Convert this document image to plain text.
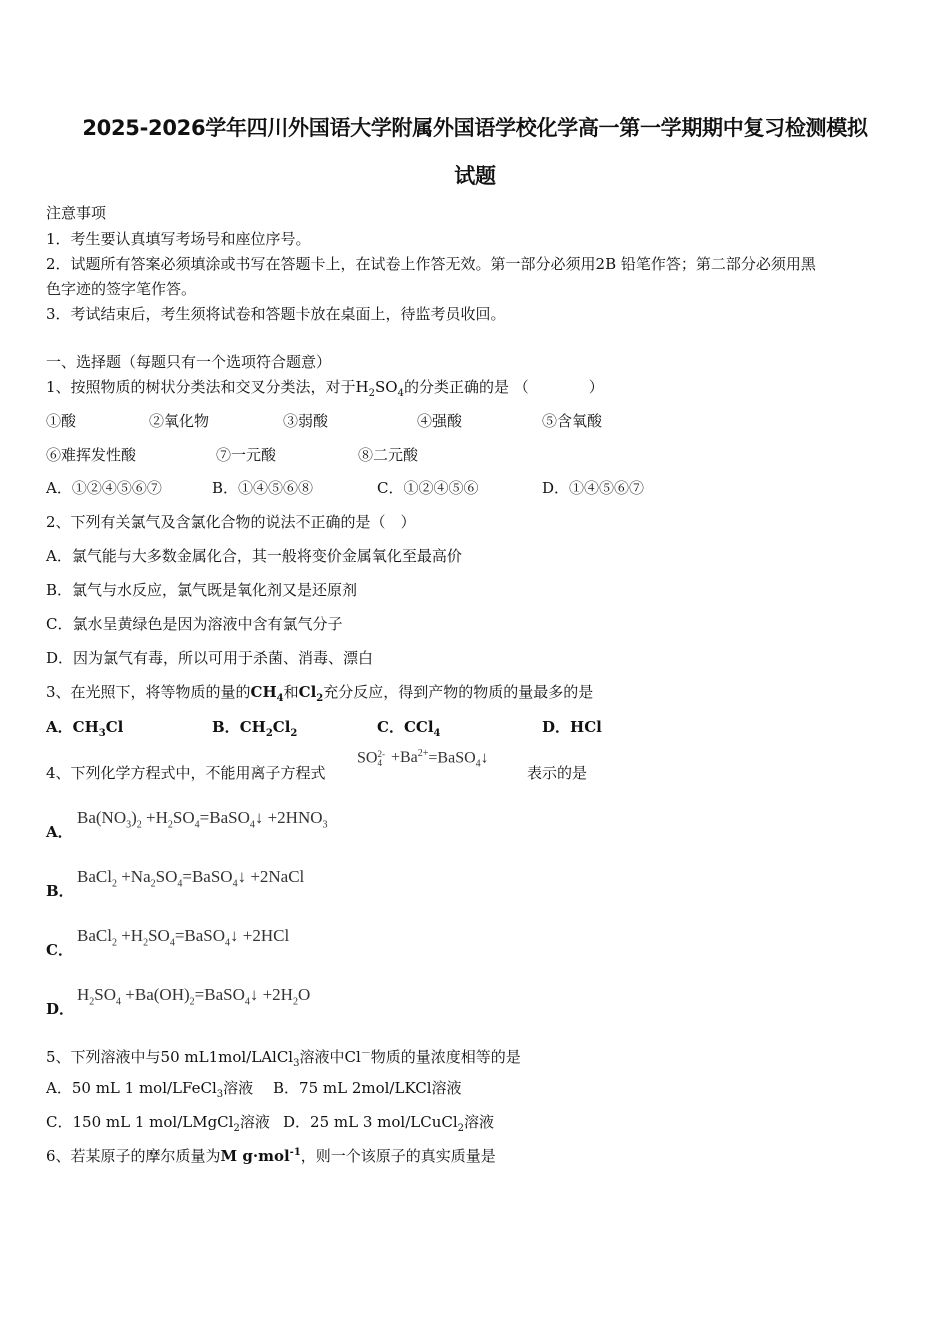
2025-2026学年四川外国语大学附属外国语学校化学高一第一学期期中复习检测模拟
试题
注意事项
1．考生要认真填写考场号和座位序号。
2．试题所有答案必须填涂或书写在答题卡上，在试卷上作答无效。第一部分必须用2B 铅笔作答；第二部分必须用黑
色字迹的签字笔作答。
3．考试结束后，考生须将试卷和答题卡放在桌面上，待监考员收回。
一、选择题（每题只有一个选项符合题意）
1、按照物质的树状分类法和交叉分类法，对于$H_2SO_4$的分类正确的是 （　　　　）
①酸	②氧化物	③弱酸	④强酸	⑤含氧酸
⑥难挥发性酸	⑦一元酸	⑧二元酸
A．①②④⑤⑥⑦	B．①④⑤⑥⑧	C．①②④⑤⑥	D．①④⑤⑥⑦
2、下列有关氯气及含氯化合物的说法不正确的是（　）
A．氯气能与大多数金属化合，其一般将变价金属氧化至最高价
B．氯气与水反应，氯气既是氧化剂又是还原剂
C．氯水呈黄绿色是因为溶液中含有氯气分子
D．因为氯气有毒，所以可用于杀菌、消毒、漂白
3、在光照下，将等物质的量的$CH_4$和$Cl_2$充分反应，得到产物的物质的量最多的是
A．$CH_3Cl$	B．$CH_2Cl_2$	C．CCl$_4$	D．HCl
4、下列化学方程式中，不能用离子方程式
SO 2-
$4 +Ba^{2+}=BaSO_4↓$
表示的是
A．
$Ba(NO_3)_2$ $+H_2SO_4=BaSO_4↓ +2HNO_3$
B．
BaCl$_2$ $+Na_2SO_4=BaSO_4↓$ +2NaCl
C．
BaCl$_2$ $+H_2SO_4=BaSO_4↓ +2HCl$
D．
$H_2SO_4$ $+Ba(OH)_2=BaSO_4↓ +2H_2O$
5、下列溶液中与50 mL1mol/LAlCl$_3$溶液中Cl－物质的量浓度相等的是
A．50 mL 1 mol/LFeCl$_3$溶液 B．75 mL 2mol/LKCl溶液
C．150 mL 1 mol/LMgCl$_2$溶液 D．25 mL 3 mol/LCuCl$_2$溶液
6、若某原子的摩尔质量为M g·mol$^{-1}$，则一个该原子的真实质量是
